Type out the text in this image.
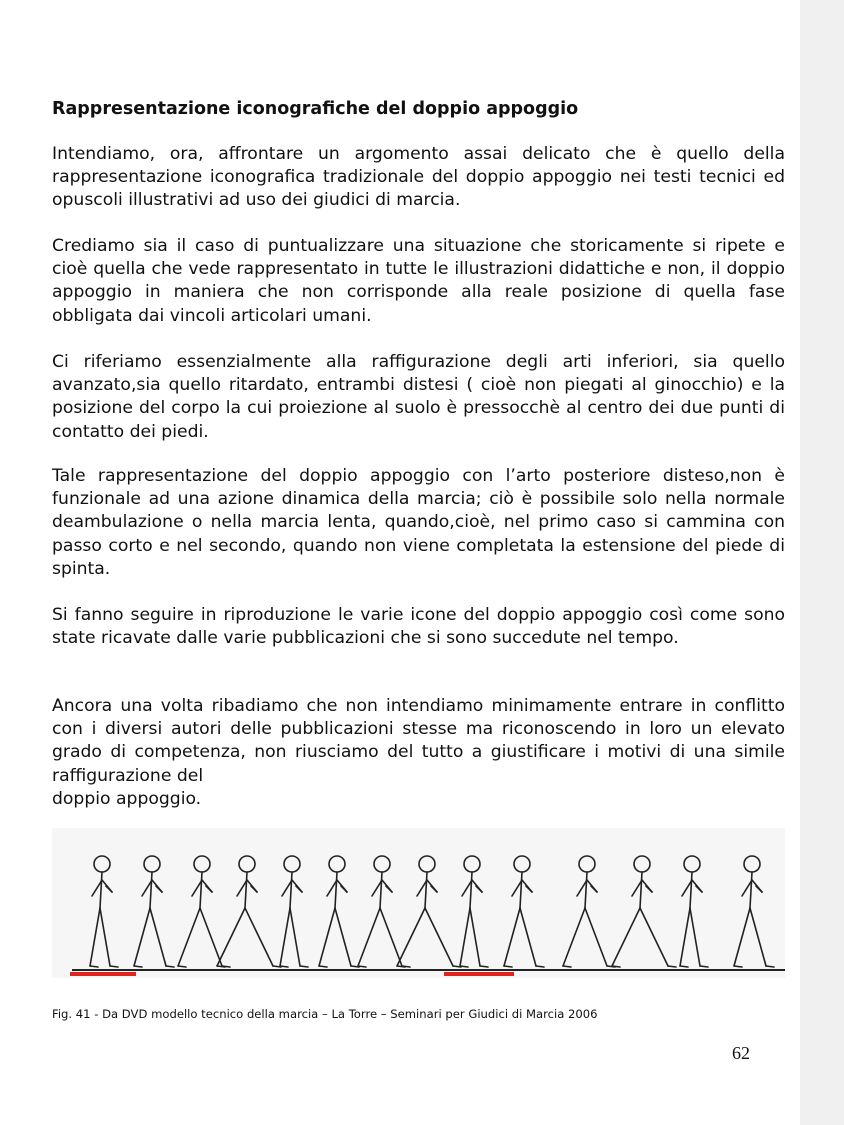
Rappresentazione iconografiche del doppio appoggio

Intendiamo, ora, affrontare un argomento assai delicato che è quello della rappresentazione iconografica tradizionale del doppio appoggio nei testi tecnici ed opuscoli illustrativi ad uso dei giudici di marcia.

Crediamo sia il caso di puntualizzare una situazione che storicamente si ripete e cioè quella che vede rappresentato in tutte le illustrazioni didattiche e non, il doppio appoggio in maniera che non corrisponde alla reale posizione di quella fase obbligata dai vincoli articolari umani.

Ci riferiamo essenzialmente alla raffigurazione degli arti inferiori, sia quello avanzato,sia quello ritardato, entrambi distesi ( cioè non piegati al ginocchio) e la posizione del corpo la cui proiezione al suolo è pressocchè al centro dei due punti di contatto dei piedi.

Tale rappresentazione del doppio appoggio con l’arto posteriore disteso,non è funzionale ad una azione dinamica della marcia; ciò è possibile solo nella normale deambulazione o nella marcia lenta, quando,cioè, nel primo caso si cammina con passo corto e nel secondo, quando non viene completata la estensione del piede di spinta.

Si fanno seguire in riproduzione le varie icone del doppio appoggio così come sono state ricavate dalle varie pubblicazioni che si sono succedute nel tempo.

Ancora una volta ribadiamo che non intendiamo minimamente entrare in conflitto con i diversi autori delle pubblicazioni stesse ma riconoscendo in loro un elevato grado di competenza, non riusciamo del tutto a giustificare i motivi di una simile raffigurazione del

doppio appoggio.

Fig. 41 - Da DVD modello tecnico della marcia – La Torre – Seminari per Giudici di Marcia 2006

62
